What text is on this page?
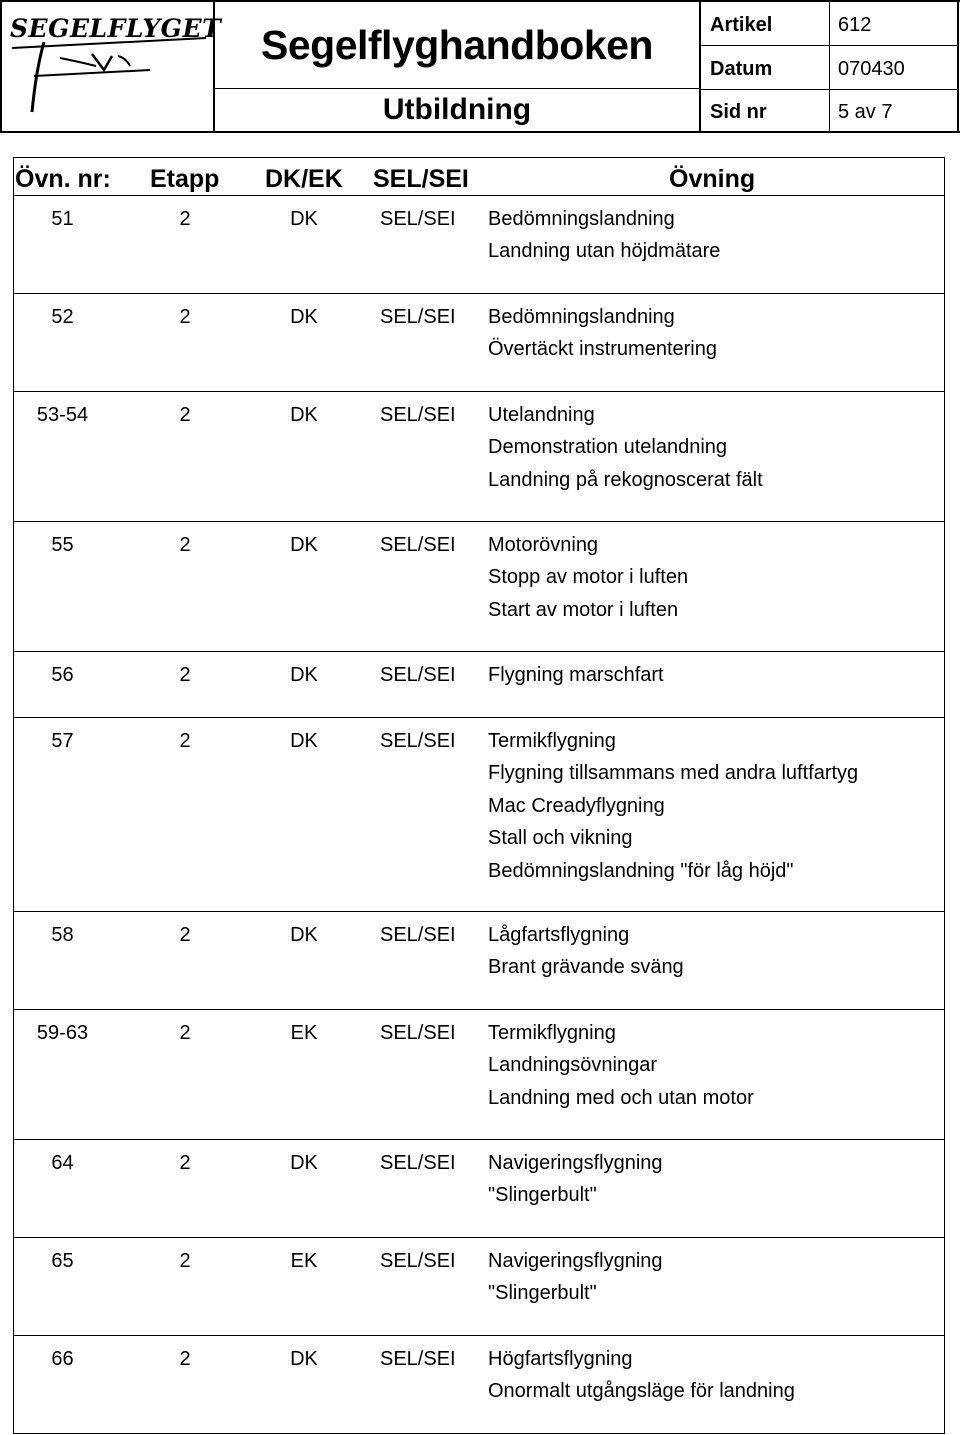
SEGELFLYGET Segelflyghandboken
Utbildning
Artikel	612
Datum	070430
Sid nr	5 av 7
Övn. nr: Etapp DK/EK SEL/SEI	Övning
51	2	DK	SEL/SEI Bedömningslandning
Landning utan höjdmätare
52	2	DK	SEL/SEI Bedömningslandning
Övertäckt instrumentering
53-54	2	DK	SEL/SEI Utelandning
Demonstration utelandning
Landning på rekognoscerat fält
55	2	DK	SEL/SEI Motorövning
Stopp av motor i luften
Start av motor i luften
56	2	DK	SEL/SEI Flygning marschfart
57	2	DK	SEL/SEI Termikflygning
Flygning tillsammans med andra luftfartyg
Mac Creadyflygning
Stall och vikning
Bedömningslandning "för låg höjd"
58	2	DK	SEL/SEI Lågfartsflygning
Brant grävande sväng
59-63	2	EK	SEL/SEI Termikflygning
Landningsövningar
Landning med och utan motor
64	2	DK	SEL/SEI Navigeringsflygning
"Slingerbult"
65	2	EK	SEL/SEI Navigeringsflygning
"Slingerbult"
66	2	DK	SEL/SEI Högfartsflygning
Onormalt utgångsläge för landning
